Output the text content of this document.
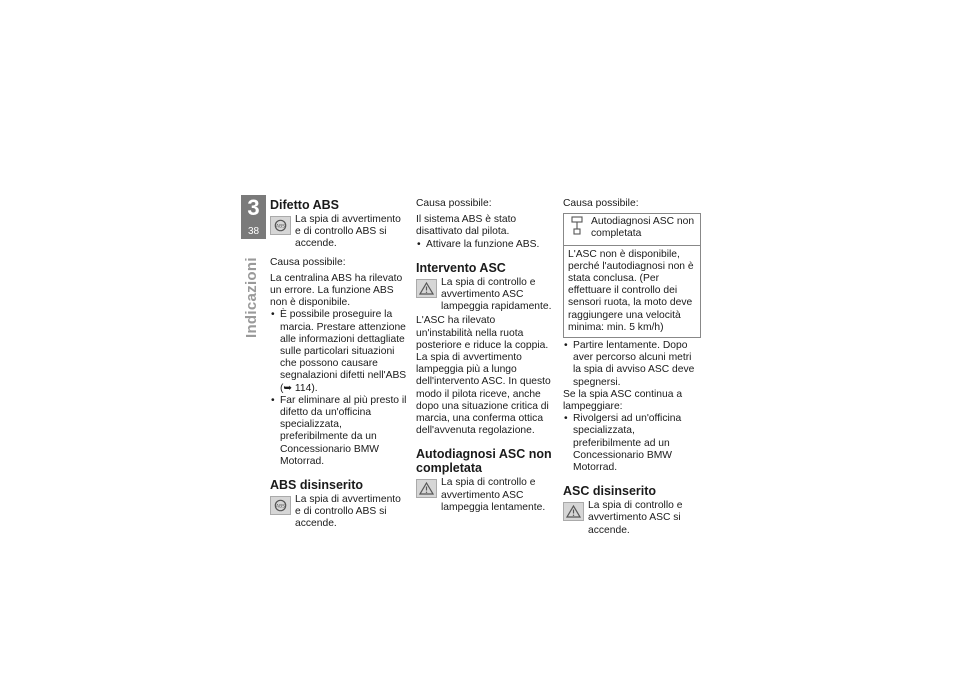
3
38
Indicazioni
Difetto ABS
ABS
La spia di avvertimento e di controllo ABS si accende.

Causa possibile:

La centralina ABS ha rilevato un errore. La funzione ABS non è disponibile.

• È possibile proseguire la marcia. Prestare attenzione alle informazioni dettagliate sulle particolari situazioni che possono causare segnalazioni difetti nell'ABS (➥ 114).
• Far eliminare al più presto il difetto da un'officina specializzata, preferibilmente da un Concessionario BMW Motorrad.
ABS disinserito
ABS
La spia di avvertimento e di controllo ABS si accende.

Causa possibile:

Il sistema ABS è stato disattivato dal pilota.

• Attivare la funzione ABS.
Intervento ASC
La spia di controllo e avvertimento ASC lampeggia rapidamente.

L'ASC ha rilevato un'instabilità nella ruota posteriore e riduce la coppia. La spia di avvertimento lampeggia più a lungo dell'intervento ASC. In questo modo il pilota riceve, anche dopo una situazione critica di marcia, una conferma ottica dell'avvenuta regolazione.

Autodiagnosi ASC non completata
La spia di controllo e avvertimento ASC lampeggia lentamente.

Causa possibile:

Autodiagnosi ASC non completata
L'ASC non è disponibile, perché l'autodiagnosi non è stata conclusa. (Per effettuare il controllo dei sensori ruota, la moto deve raggiungere una velocità minima: min. 5 km/h)
• Partire lentamente. Dopo aver percorso alcuni metri la spia di avviso ASC deve spegnersi.

Se la spia ASC continua a lampeggiare:

• Rivolgersi ad un'officina specializzata, preferibilmente ad un Concessionario BMW Motorrad.
ASC disinserito
La spia di controllo e avvertimento ASC si accende.
